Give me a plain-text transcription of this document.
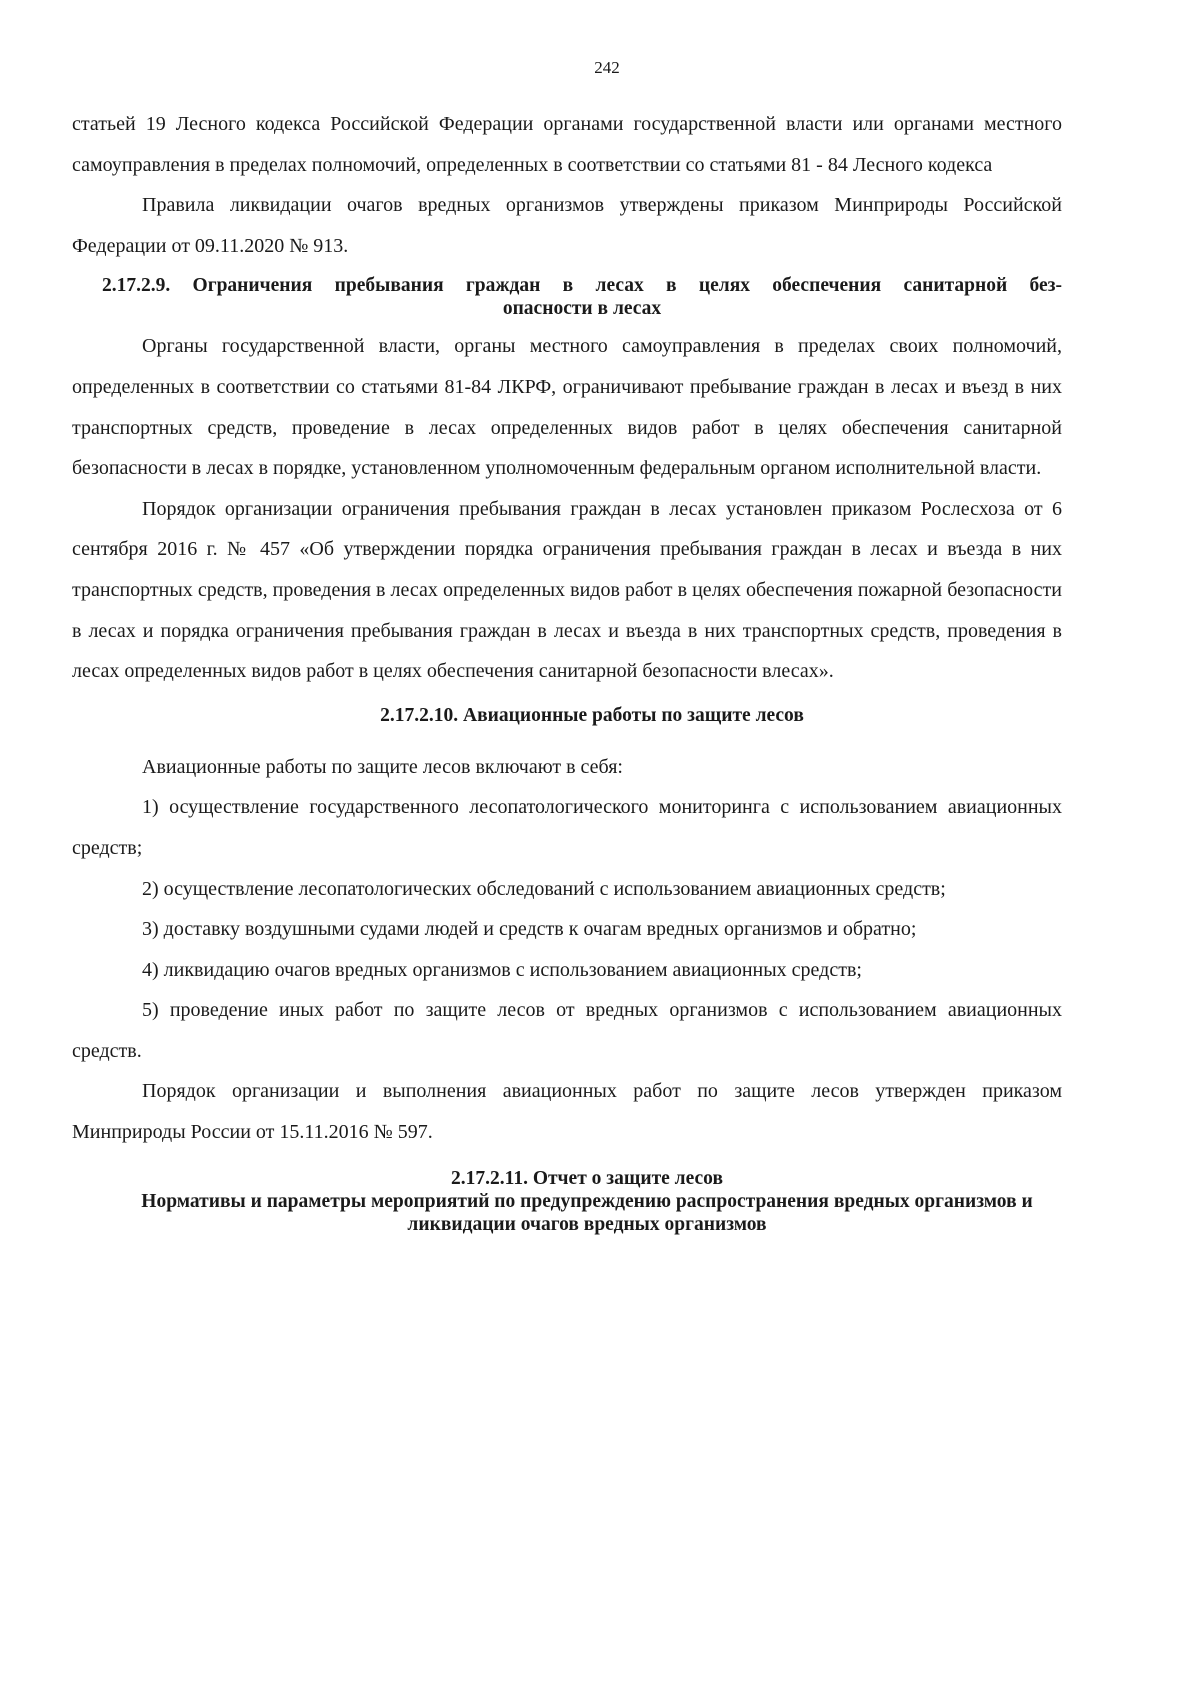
242

статьей 19 Лесного кодекса Российской Федерации органами государственной власти или органами местного самоуправления в пределах полномочий, определенных в соответствии со статьями 81 - 84 Лесного кодекса

Правила ликвидации очагов вредных организмов утверждены приказом Минприроды Российской Федерации от 09.11.2020 № 913.

2.17.2.9. Ограничения пребывания граждан в лесах в целях обеспечения санитарной без-
опасности в лесах

Органы государственной власти, органы местного самоуправления в пределах своих полномочий, определенных в соответствии со статьями 81-84 ЛКРФ, ограничивают пребывание граждан в лесах и въезд в них транспортных средств, проведение в лесах определенных видов работ в целях обеспечения санитарной безопасности в лесах в порядке, установленном уполномоченным федеральным органом исполнительной власти.

Порядок организации ограничения пребывания граждан в лесах установлен приказом Рослесхоза от 6 сентября 2016 г. № 457 «Об утверждении порядка ограничения пребывания граждан в лесах и въезда в них транспортных средств, проведения в лесах определенных видов работ в целях обеспечения пожарной безопасности в лесах и порядка ограничения пребывания граждан в лесах и въезда в них транспортных средств, проведения в лесах определенных видов работ в целях обеспечения санитарной безопасности влесах».

2.17.2.10. Авиационные работы по защите лесов

Авиационные работы по защите лесов включают в себя:

1) осуществление государственного лесопатологического мониторинга с использованием авиационных средств;

2) осуществление лесопатологических обследований с использованием авиационных средств;

3) доставку воздушными судами людей и средств к очагам вредных организмов и обратно;

4) ликвидацию очагов вредных организмов с использованием авиационных средств;

5) проведение иных работ по защите лесов от вредных организмов с использованием авиационных средств.

Порядок организации и выполнения авиационных работ по защите лесов утвержден приказом Минприроды России от 15.11.2016 № 597.

2.17.2.11. Отчет о защите лесов
Нормативы и параметры мероприятий по предупреждению распространения вредных организмов и ликвидации очагов вредных организмов
